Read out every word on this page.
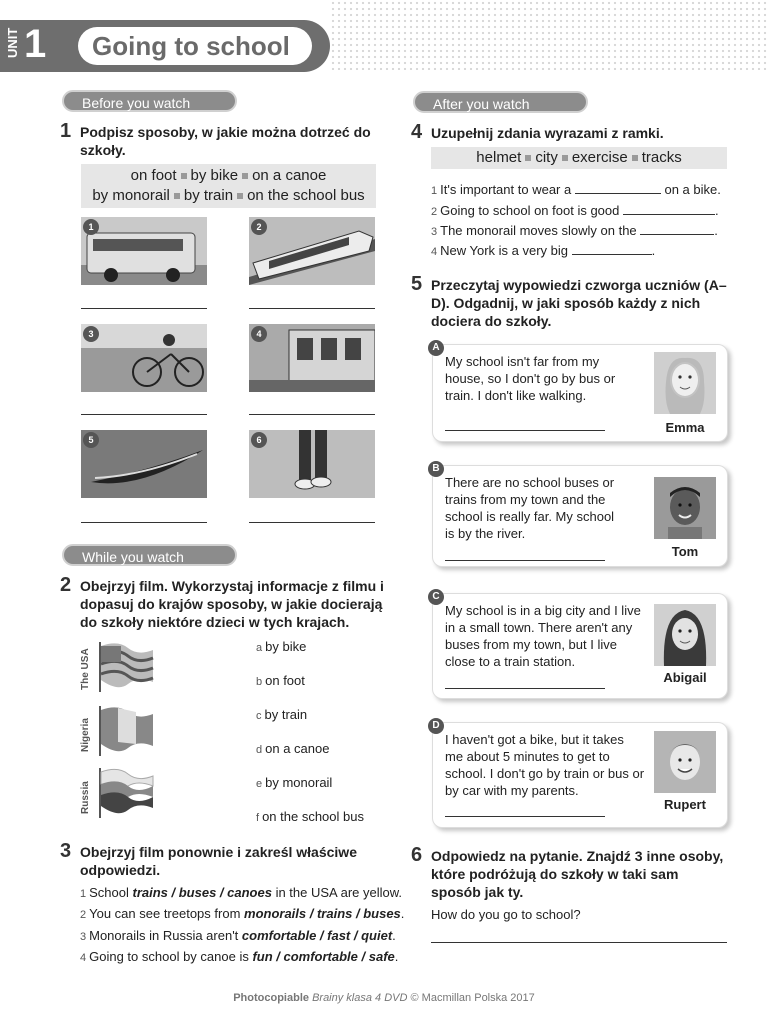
UNIT 1	Going to school
Before you watch
1 Podpisz sposoby, w jakie można dotrzeć do szkoły.
on foot by bike on a canoe
by monorail by train on the school bus
1	2
3	4
5	6
While you watch
2 Obejrzyj film. Wykorzystaj informacje z filmu i dopasuj do krajów sposoby, w jakie docierają do szkoły niektóre dzieci w tych krajach.
The USA
Nigeria
Russia
a by bike
b on foot
c by train
d on a canoe
e by monorail
f on the school bus
3 Obejrzyj film ponownie i zakreśl właściwe odpowiedzi.
1 School trains / buses / canoes in the USA are yellow.
2 You can see treetops from monorails / trains / buses.
3 Monorails in Russia aren't comfortable / fast / quiet.
4 Going to school by canoe is fun / comfortable / safe.
After you watch
4 Uzupełnij zdania wyrazami z ramki.
helmet city exercise tracks
1 It's important to wear a	on a bike.
2 Going to school on foot is good	.
3 The monorail moves slowly on the	.
4 New York is a very big	.
5 Przeczytaj wypowiedzi czworga uczniów (A–D). Odgadnij, w jaki sposób każdy z nich dociera do szkoły.
A
My school isn't far from my house, so I don't go by bus or train. I don't like walking.
Emma
B
There are no school buses or trains from my town and the school is really far. My school is by the river.
Tom
C
My school is in a big city and I live in a small town. There aren't any buses from my town, but I live close to a train station.
Abigail
D
I haven't got a bike, but it takes me about 5 minutes to get to school. I don't go by train or bus or by car with my parents.
Rupert
6 Odpowiedz na pytanie. Znajdź 3 inne osoby, które podróżują do szkoły w taki sam sposób jak ty.
How do you go to school?
Photocopiable Brainy klasa 4 DVD © Macmillan Polska 2017
